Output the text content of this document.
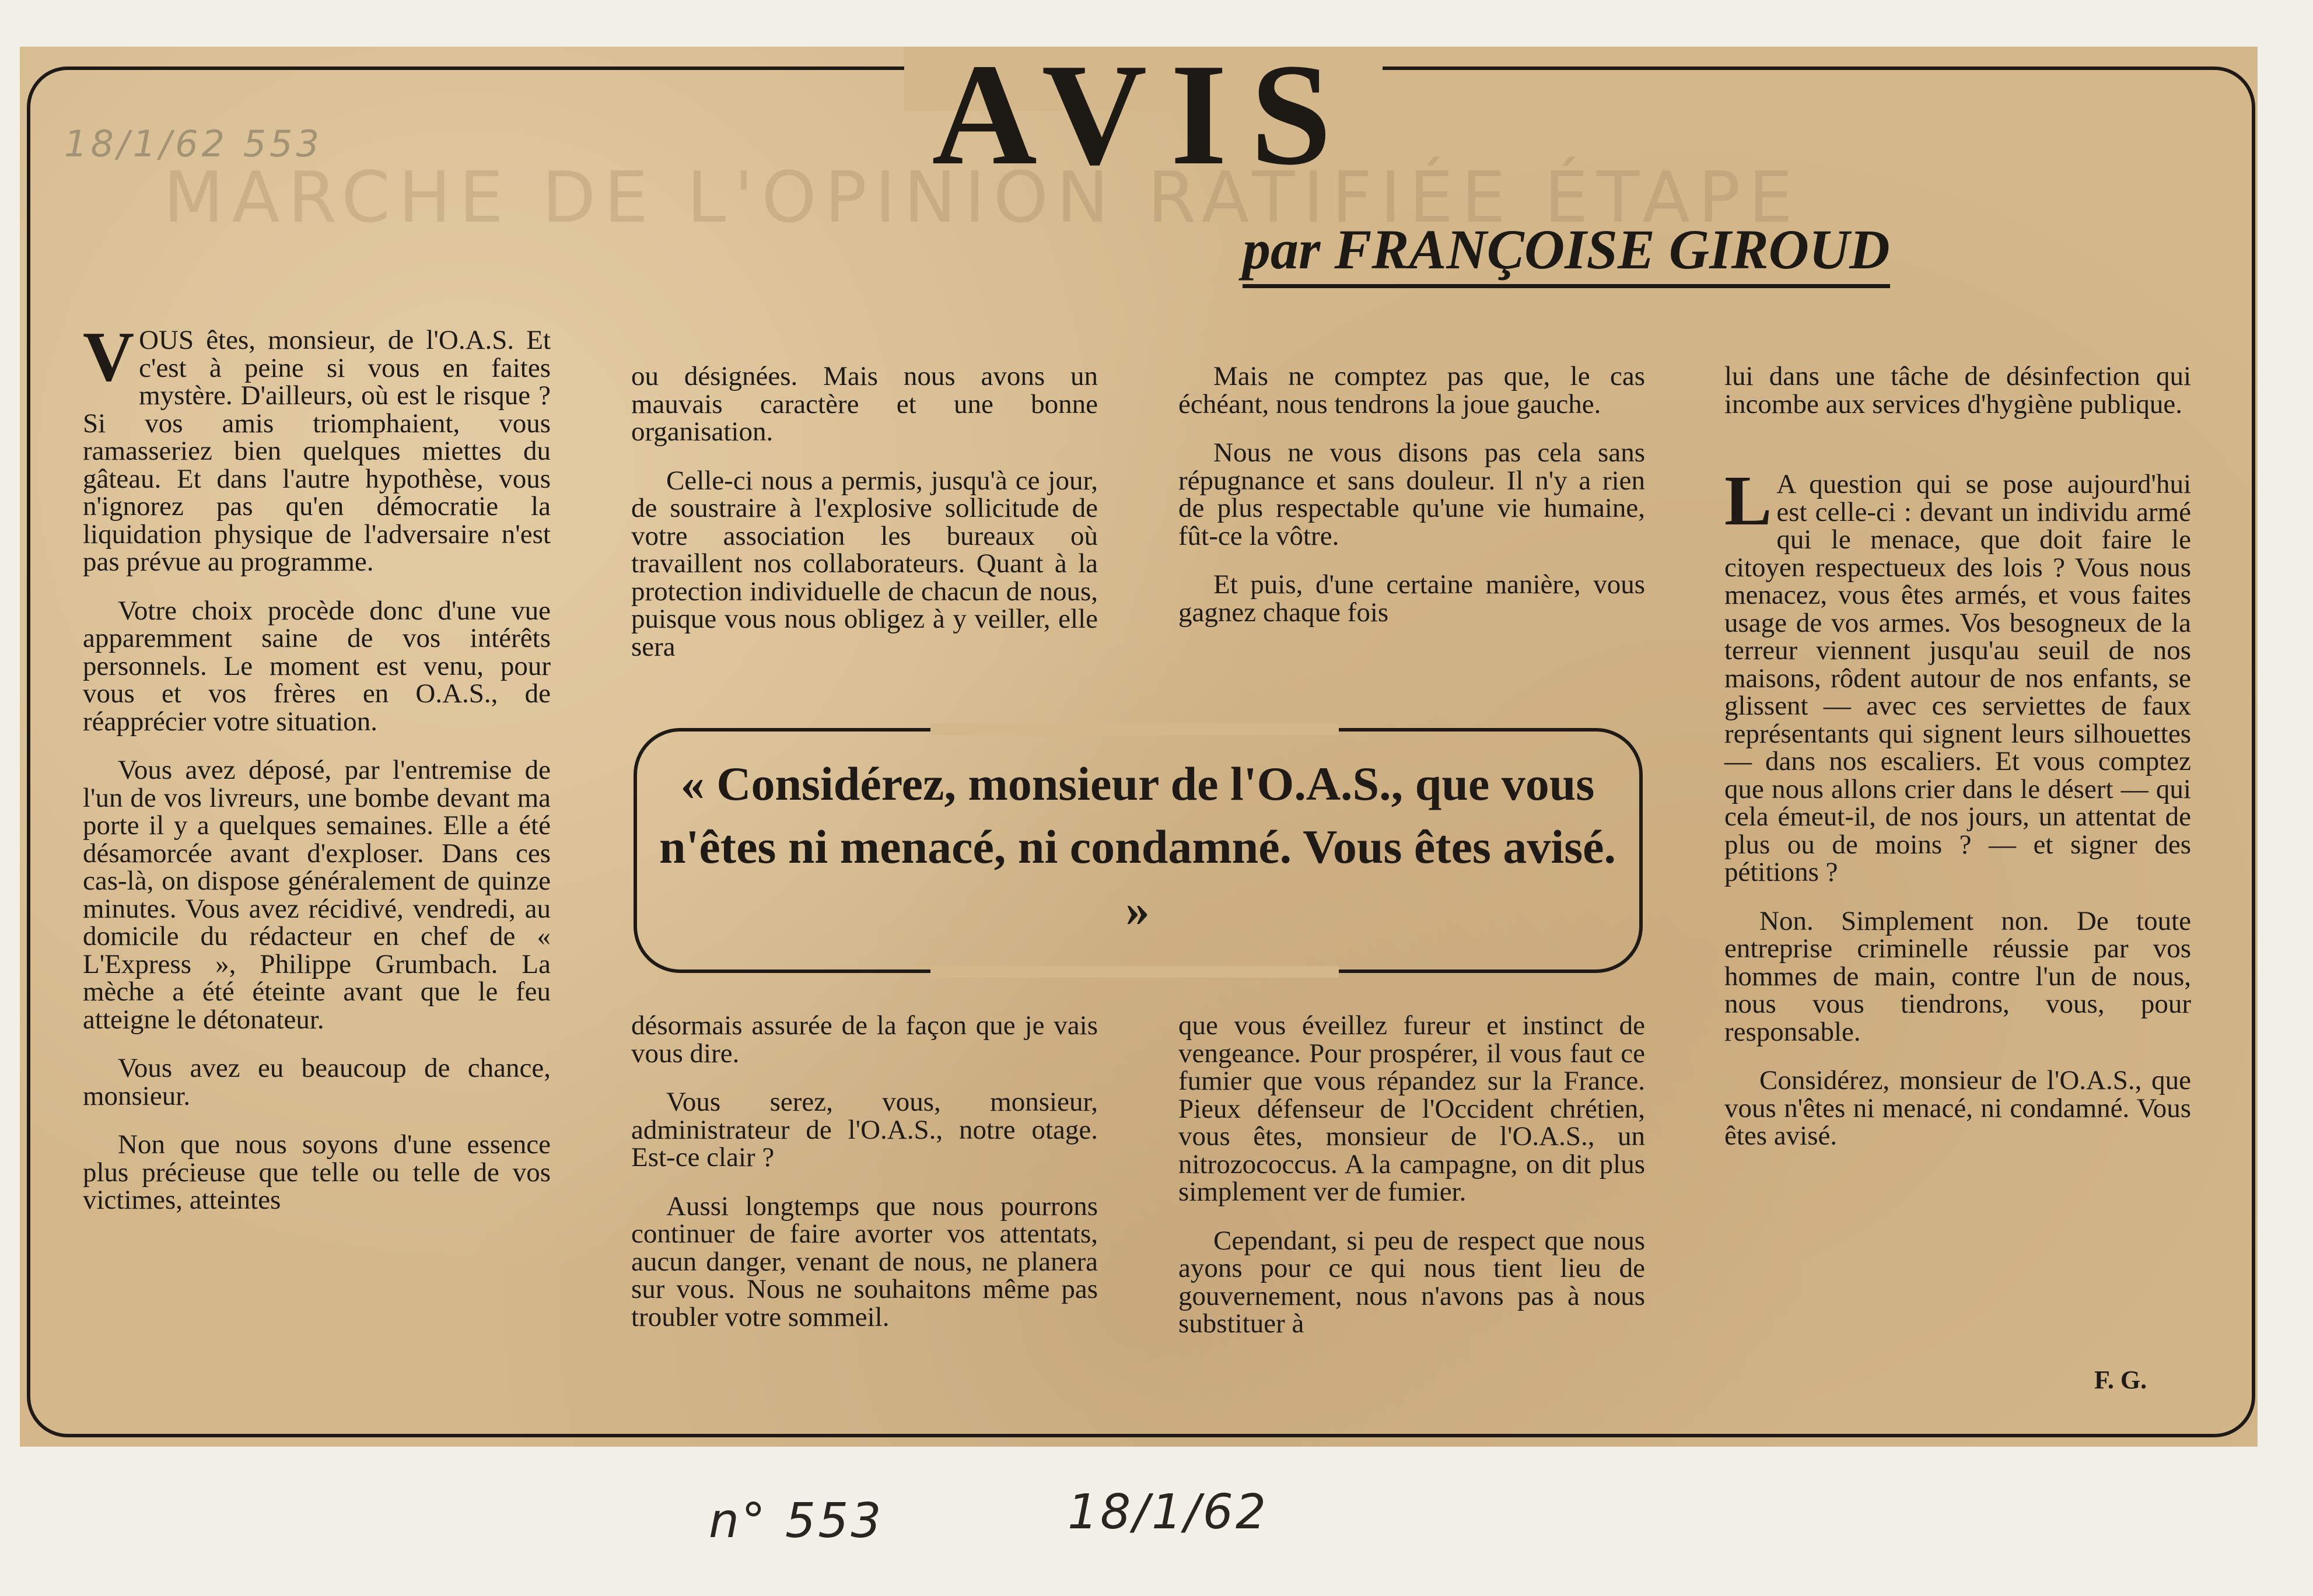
MARCHE DE L'OPINION RATIFIÉE ÉTAPE
AVIS
18/1/62 553
par FRANÇOISE GIROUD

VOUS êtes, monsieur, de l'O.A.S. Et c'est à peine si vous en faites mystère. D'ailleurs, où est le risque ? Si vos amis triomphaient, vous ramasseriez bien quelques miettes du gâteau. Et dans l'autre hypothèse, vous n'ignorez pas qu'en démocratie la liquidation physique de l'adversaire n'est pas prévue au programme.

Votre choix procède donc d'une vue apparemment saine de vos intérêts personnels. Le moment est venu, pour vous et vos frères en O.A.S., de réapprécier votre situation.

Vous avez déposé, par l'entremise de l'un de vos livreurs, une bombe devant ma porte il y a quelques semaines. Elle a été désamorcée avant d'exploser. Dans ces cas-là, on dispose généralement de quinze minutes. Vous avez récidivé, vendredi, au domicile du rédacteur en chef de « L'Express », Philippe Grumbach. La mèche a été éteinte avant que le feu atteigne le détonateur.

Vous avez eu beaucoup de chance, monsieur.

Non que nous soyons d'une essence plus précieuse que telle ou telle de vos victimes, atteintes

ou désignées. Mais nous avons un mauvais caractère et une bonne organisation.

Celle-ci nous a permis, jusqu'à ce jour, de soustraire à l'explosive sollicitude de votre association les bureaux où travaillent nos collaborateurs. Quant à la protection individuelle de chacun de nous, puisque vous nous obligez à y veiller, elle sera

Mais ne comptez pas que, le cas échéant, nous tendrons la joue gauche.

Nous ne vous disons pas cela sans répugnance et sans douleur. Il n'y a rien de plus respectable qu'une vie humaine, fût-ce la vôtre.

Et puis, d'une certaine manière, vous gagnez chaque fois

lui dans une tâche de désinfection qui incombe aux services d'hygiène publique.

L A question qui se pose aujourd'hui est celle-ci : devant un individu armé qui le menace, que doit faire le citoyen respectueux des lois ? Vous nous menacez, vous êtes armés, et vous faites usage de vos armes. Vos besogneux de la terreur viennent jusqu'au seuil de nos maisons, rôdent autour de nos enfants, se glissent — avec ces serviettes de faux représentants qui signent leurs silhouettes — dans nos escaliers. Et vous comptez que nous allons crier dans le désert — qui cela émeut-il, de nos jours, un attentat de plus ou de moins ? — et signer des pétitions ?

Non. Simplement non. De toute entreprise criminelle réussie par vos hommes de main, contre l'un de nous, nous vous tiendrons, vous, pour responsable.

Considérez, monsieur de l'O.A.S., que vous n'êtes ni menacé, ni condamné. Vous êtes avisé.

« Considérez, monsieur de l'O.A.S., que vous n'êtes ni menacé, ni condamné. Vous êtes avisé. »

désormais assurée de la façon que je vais vous dire.

Vous serez, vous, monsieur, administrateur de l'O.A.S., notre otage. Est-ce clair ?

Aussi longtemps que nous pourrons continuer de faire avorter vos attentats, aucun danger, venant de nous, ne planera sur vous. Nous ne souhaitons même pas troubler votre sommeil.

que vous éveillez fureur et instinct de vengeance. Pour prospérer, il vous faut ce fumier que vous répandez sur la France. Pieux défenseur de l'Occident chrétien, vous êtes, monsieur de l'O.A.S., un nitrozococcus. A la campagne, on dit plus simplement ver de fumier.

Cependant, si peu de respect que nous ayons pour ce qui nous tient lieu de gouvernement, nous n'avons pas à nous substituer à

F. G.
n° 553	18/1/62
